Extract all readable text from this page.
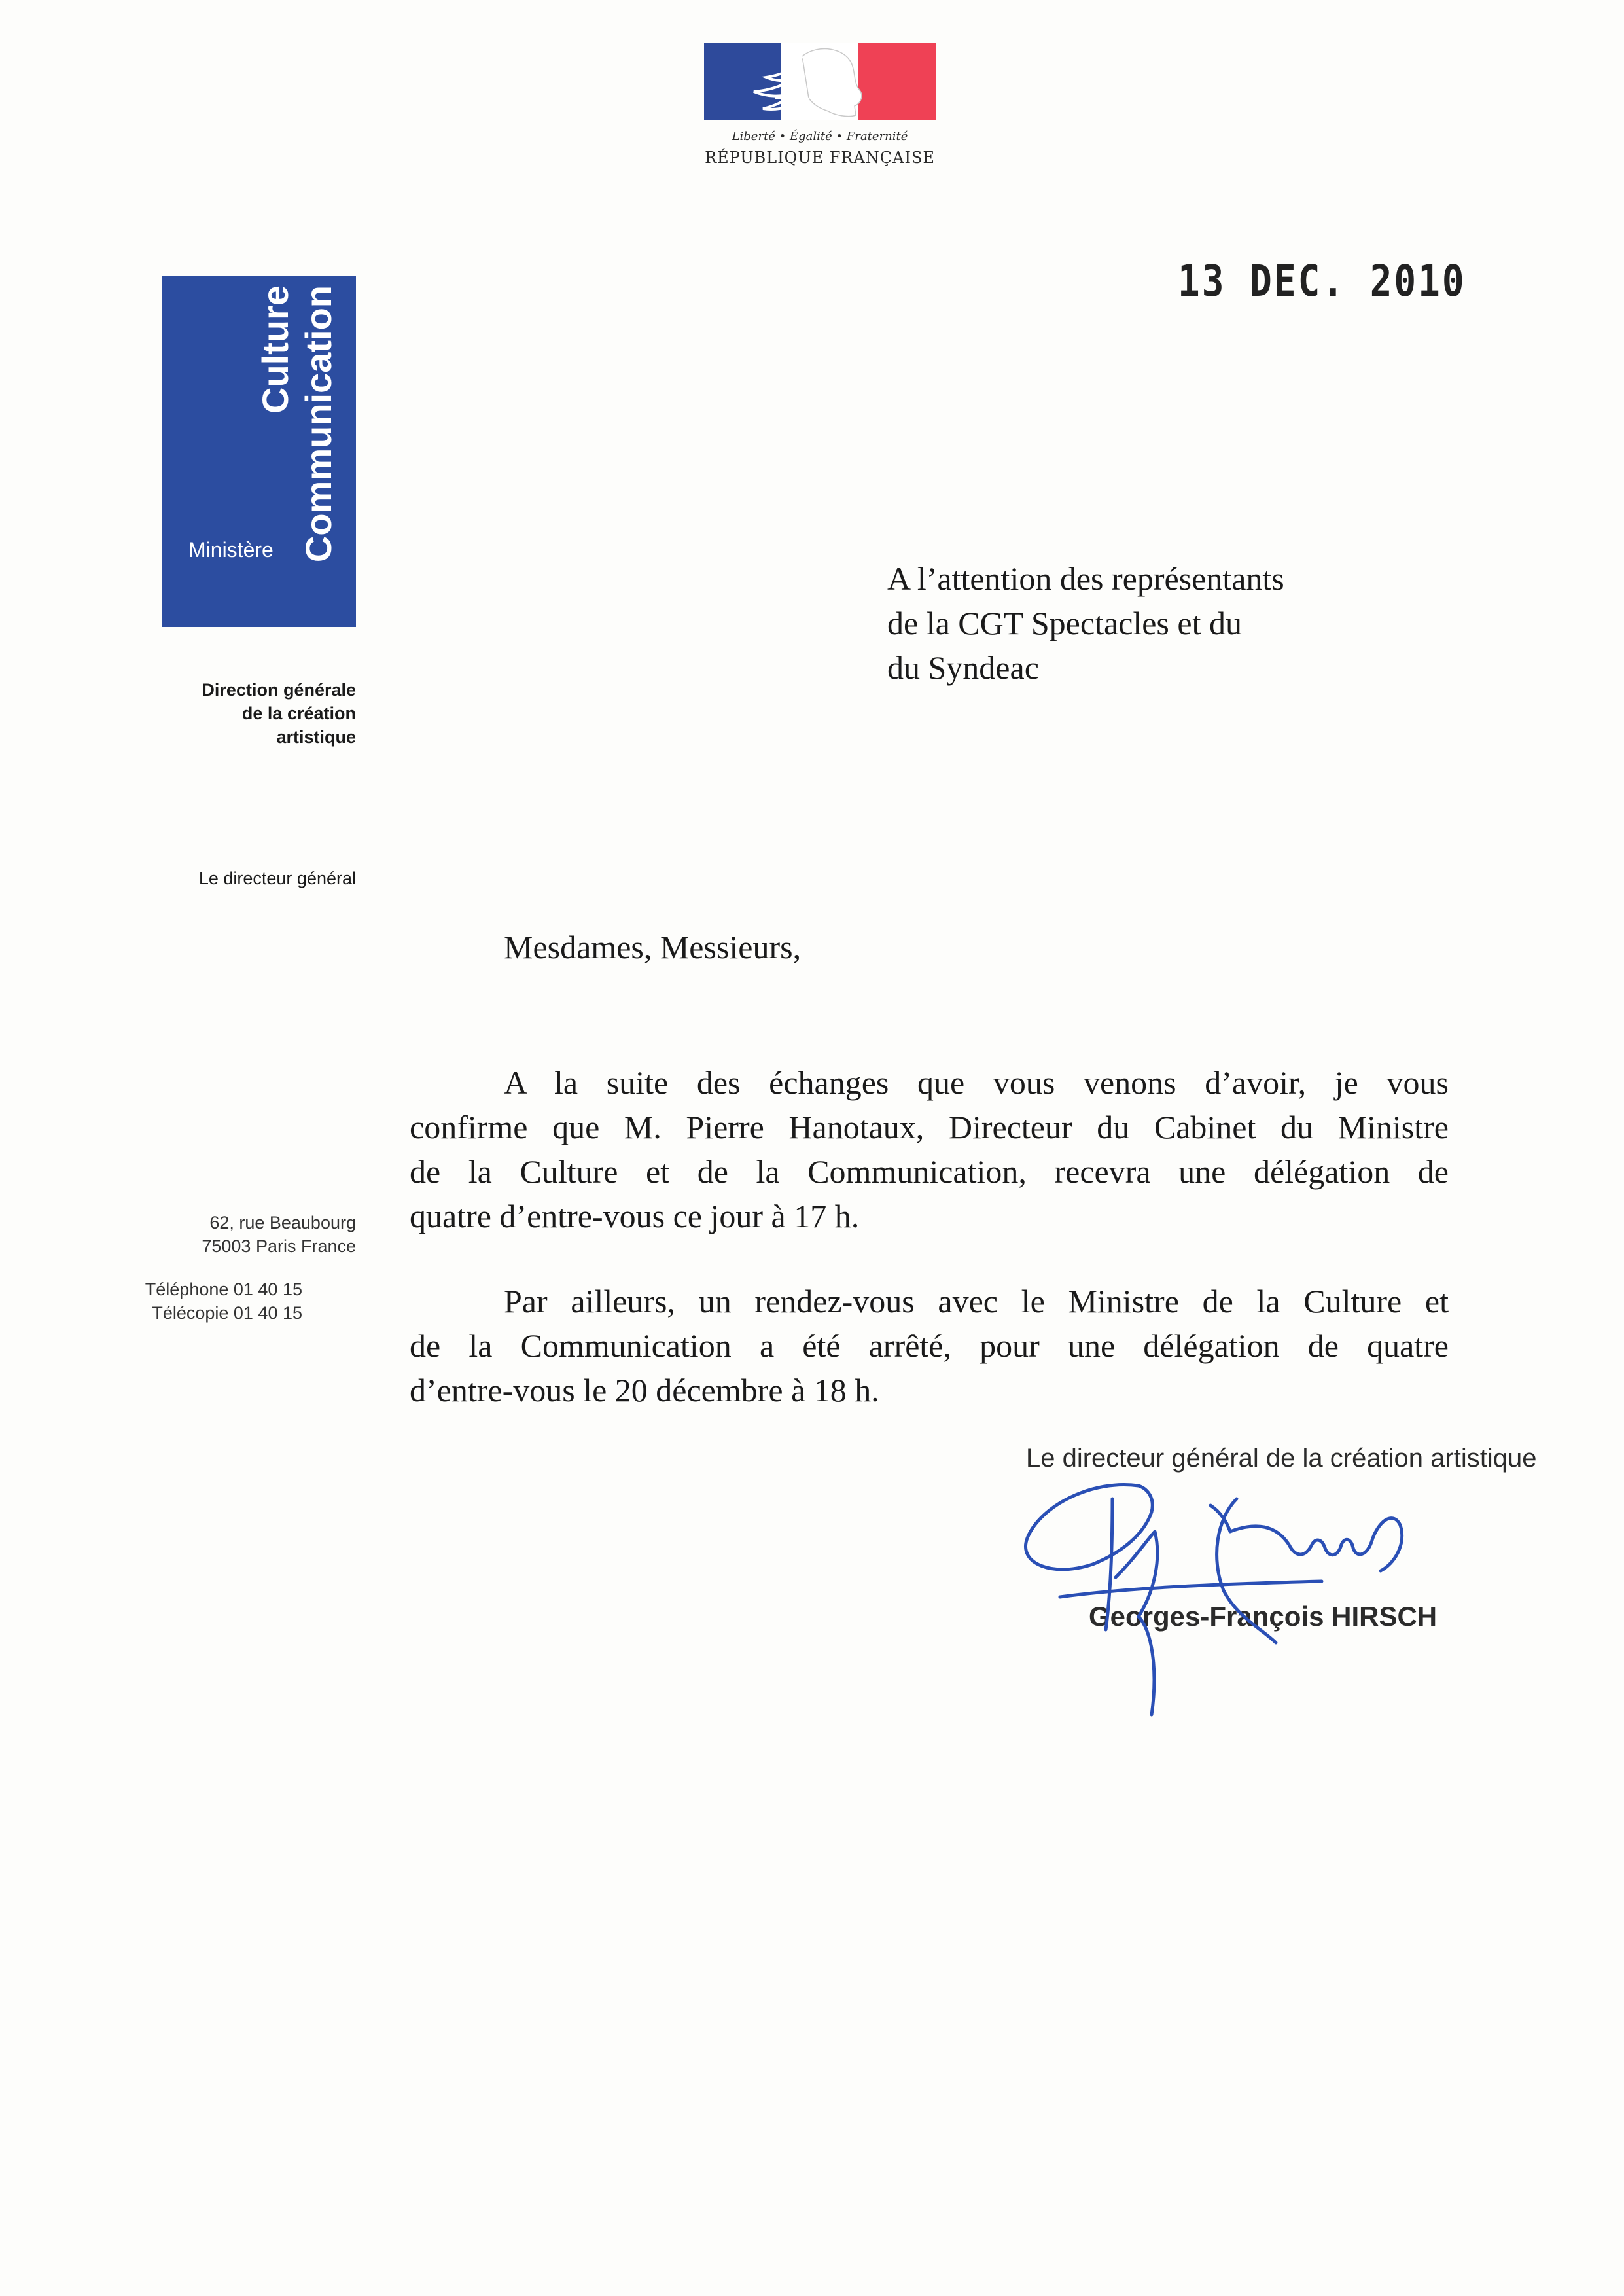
Liberté • Égalité • Fraternité
RÉPUBLIQUE FRANÇAISE
Culture Communication
Ministère
Direction générale
de la création
artistique
Le directeur général
62, rue Beaubourg
75003 Paris France
Téléphone 01 40 15
Télécopie 01 40 15
13 DEC. 2010
A l’attention des représentants
de la CGT Spectacles et du
du Syndeac
Mesdames, Messieurs,
A la suite des échanges que vous venons d’avoir, je vous
confirme que M. Pierre Hanotaux, Directeur du Cabinet du Ministre
de la Culture et de la Communication, recevra une délégation de
quatre d’entre-vous ce jour à 17 h.
Par ailleurs, un rendez-vous avec le Ministre de la Culture et
de la Communication a été arrêté, pour une délégation de quatre
d’entre-vous le 20 décembre à 18 h.
Le directeur général de la création artistique
Georges-François HIRSCH
